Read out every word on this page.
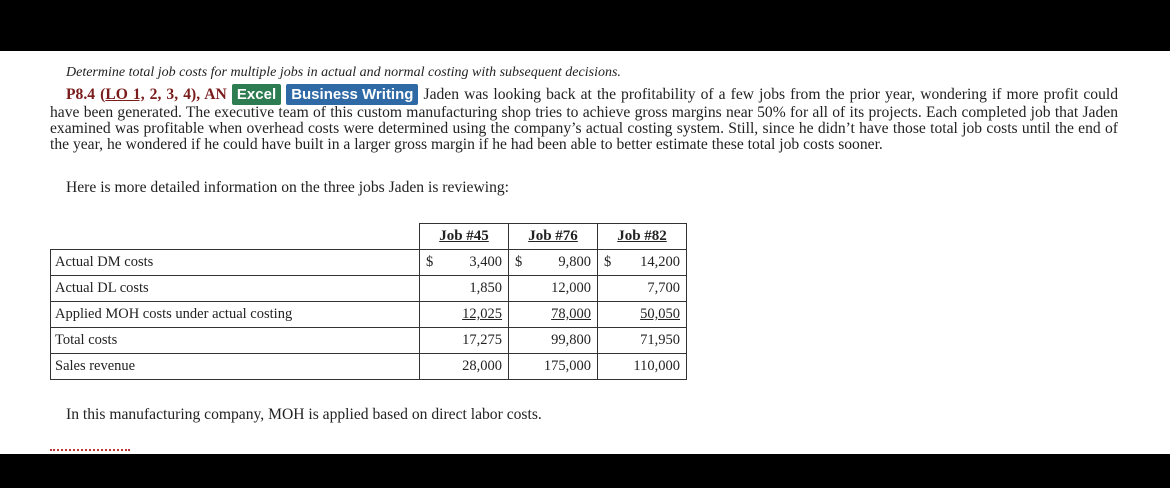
Determine total job costs for multiple jobs in actual and normal costing with subsequent decisions.
P8.4 (LO 1, 2, 3, 4), AN Excel Business Writing Jaden was looking back at the profitability of a few jobs from the prior year, wondering if more profit could have been generated. The executive team of this custom manufacturing shop tries to achieve gross margins near 50% for all of its projects. Each completed job that Jaden examined was profitable when overhead costs were determined using the company’s actual costing system. Still, since he didn’t have those total job costs until the end of the year, he wondered if he could have built in a larger gross margin if he had been able to better estimate these total job costs sooner.
Here is more detailed information on the three jobs Jaden is reviewing:
	Job #45	Job #76	Job #82
Actual DM costs	$ 3,400	$ 9,800	$ 14,200

Actual DL costs	1,850	12,000	7,700
Applied MOH costs under actual costing	12,025	78,000	50,050
Total costs	17,275	99,800	71,950
Sales revenue	28,000	175,000	110,000
In this manufacturing company, MOH is applied based on direct labor costs.
